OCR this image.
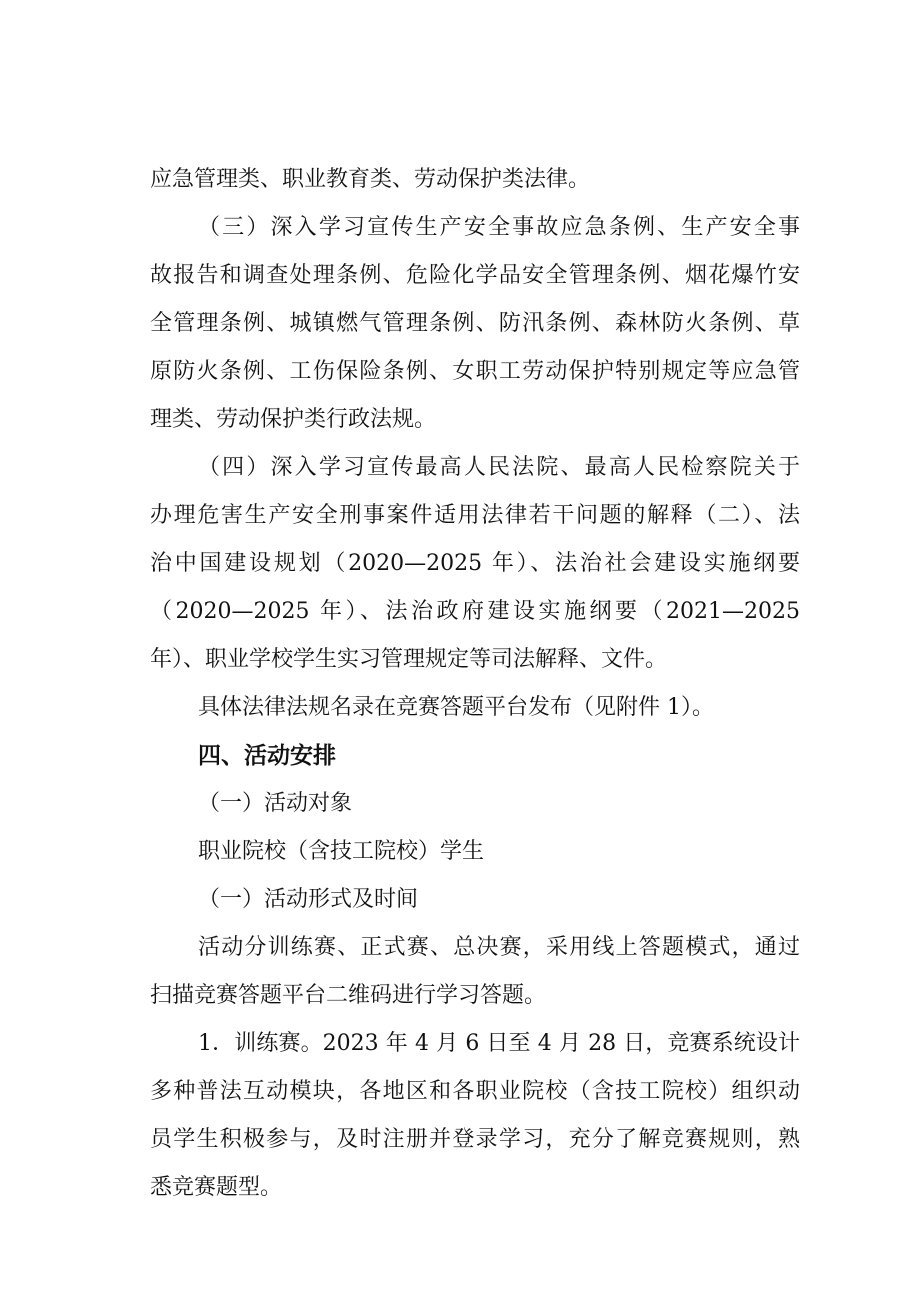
应急管理类、职业教育类、劳动保护类法律。
（三）深入学习宣传生产安全事故应急条例、生产安全事
故报告和调查处理条例、危险化学品安全管理条例、烟花爆竹安
全管理条例、城镇燃气管理条例、防汛条例、森林防火条例、草
原防火条例、工伤保险条例、女职工劳动保护特别规定等应急管
理类、劳动保护类行政法规。
（四）深入学习宣传最高人民法院、最高人民检察院关于
办理危害生产安全刑事案件适用法律若干问题的解释（二）、法
治中国建设规划（2020—2025 年）、法治社会建设实施纲要
（2020—2025 年）、法治政府建设实施纲要（2021—2025
年）、职业学校学生实习管理规定等司法解释、文件。
具体法律法规名录在竞赛答题平台发布（见附件 1）。
四、活动安排
（一）活动对象
职业院校（含技工院校）学生
（一）活动形式及时间
活动分训练赛、正式赛、总决赛，采用线上答题模式，通过
扫描竞赛答题平台二维码进行学习答题。
1．训练赛。2023 年 4 月 6 日至 4 月 28 日，竞赛系统设计
多种普法互动模块，各地区和各职业院校（含技工院校）组织动
员学生积极参与，及时注册并登录学习，充分了解竞赛规则，熟
悉竞赛题型。
